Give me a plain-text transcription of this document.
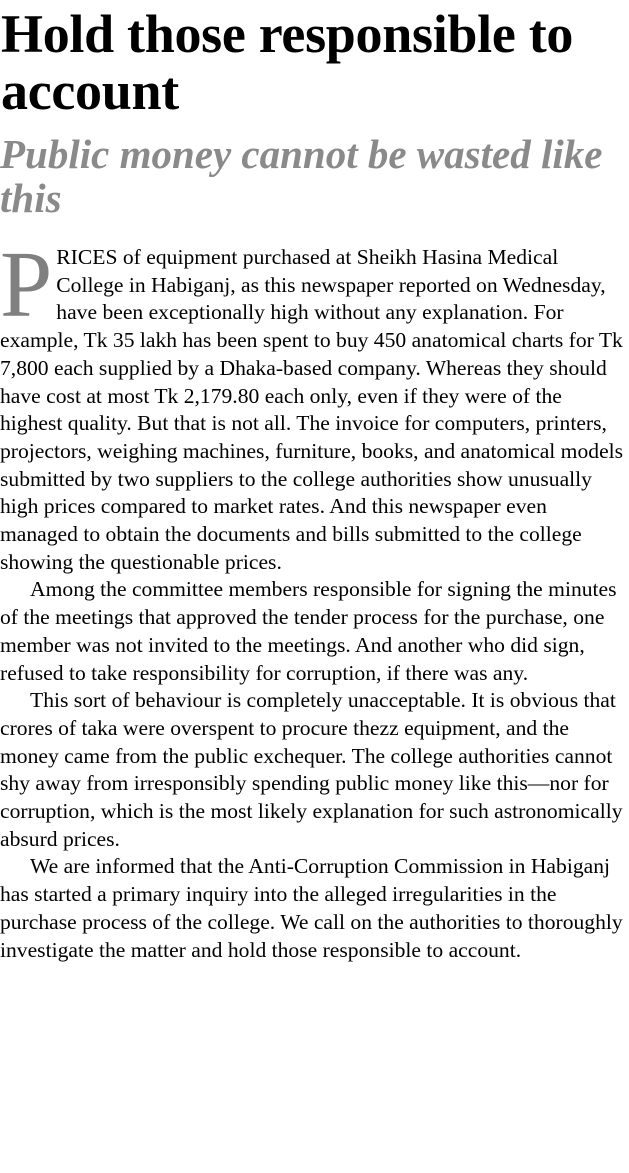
Hold those responsible to account
Public money cannot be wasted like this

PRICES of equipment purchased at Sheikh Hasina Medical College in Habiganj, as this newspaper reported on Wednesday, have been exceptionally high without any explanation. For example, Tk 35 lakh has been spent to buy 450 anatomical charts for Tk 7,800 each supplied by a Dhaka-based company. Whereas they should have cost at most Tk 2,179.80 each only, even if they were of the highest quality. But that is not all. The invoice for computers, printers, projectors, weighing machines, furniture, books, and anatomical models submitted by two suppliers to the college authorities show unusually high prices compared to market rates. And this newspaper even managed to obtain the documents and bills submitted to the college showing the questionable prices.

Among the committee members responsible for signing the minutes of the meetings that approved the tender process for the purchase, one member was not invited to the meetings. And another who did sign, refused to take responsibility for corruption, if there was any.

This sort of behaviour is completely unacceptable. It is obvious that crores of taka were overspent to procure thezz equipment, and the money came from the public exchequer. The college authorities cannot shy away from irresponsibly spending public money like this—nor for corruption, which is the most likely explanation for such astronomically absurd prices.

We are informed that the Anti-Corruption Commission in Habiganj has started a primary inquiry into the alleged irregularities in the purchase process of the college. We call on the authorities to thoroughly investigate the matter and hold those responsible to account.
